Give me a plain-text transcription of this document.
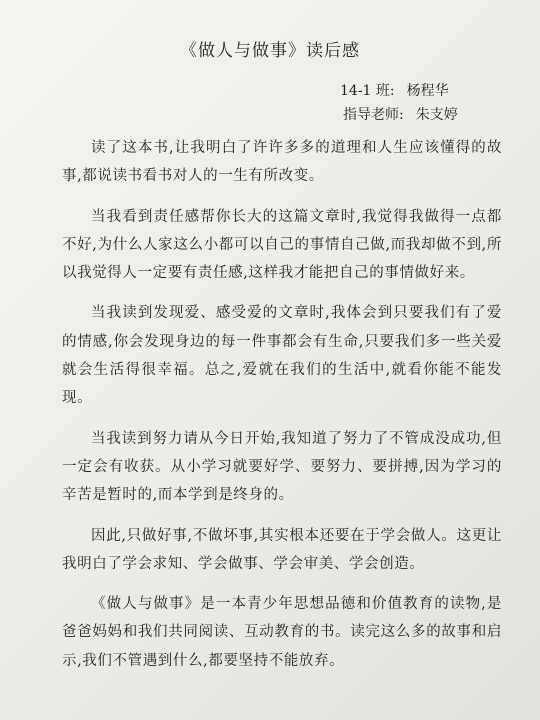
《做人与做事》读后感
14-1 班: 杨程华
指导老师: 朱支婷

读了这本书,让我明白了许许多多的道理和人生应该懂得的故事,都说读书看书对人的一生有所改变。

当我看到责任感帮你长大的这篇文章时,我觉得我做得一点都不好,为什么人家这么小都可以自己的事情自己做,而我却做不到,所以我觉得人一定要有责任感,这样我才能把自己的事情做好来。

当我读到发现爱、感受爱的文章时,我体会到只要我们有了爱的情感,你会发现身边的每一件事都会有生命,只要我们多一些关爱就会生活得很幸福。总之,爱就在我们的生活中,就看你能不能发现。

当我读到努力请从今日开始,我知道了努力了不管成没成功,但一定会有收获。从小学习就要好学、要努力、要拼搏,因为学习的辛苦是暂时的,而本学到是终身的。

因此,只做好事,不做坏事,其实根本还要在于学会做人。这更让我明白了学会求知、学会做事、学会审美、学会创造。

《做人与做事》是一本青少年思想品德和价值教育的读物,是爸爸妈妈和我们共同阅读、互动教育的书。读完这么多的故事和启示,我们不管遇到什么,都要坚持不能放弃。
